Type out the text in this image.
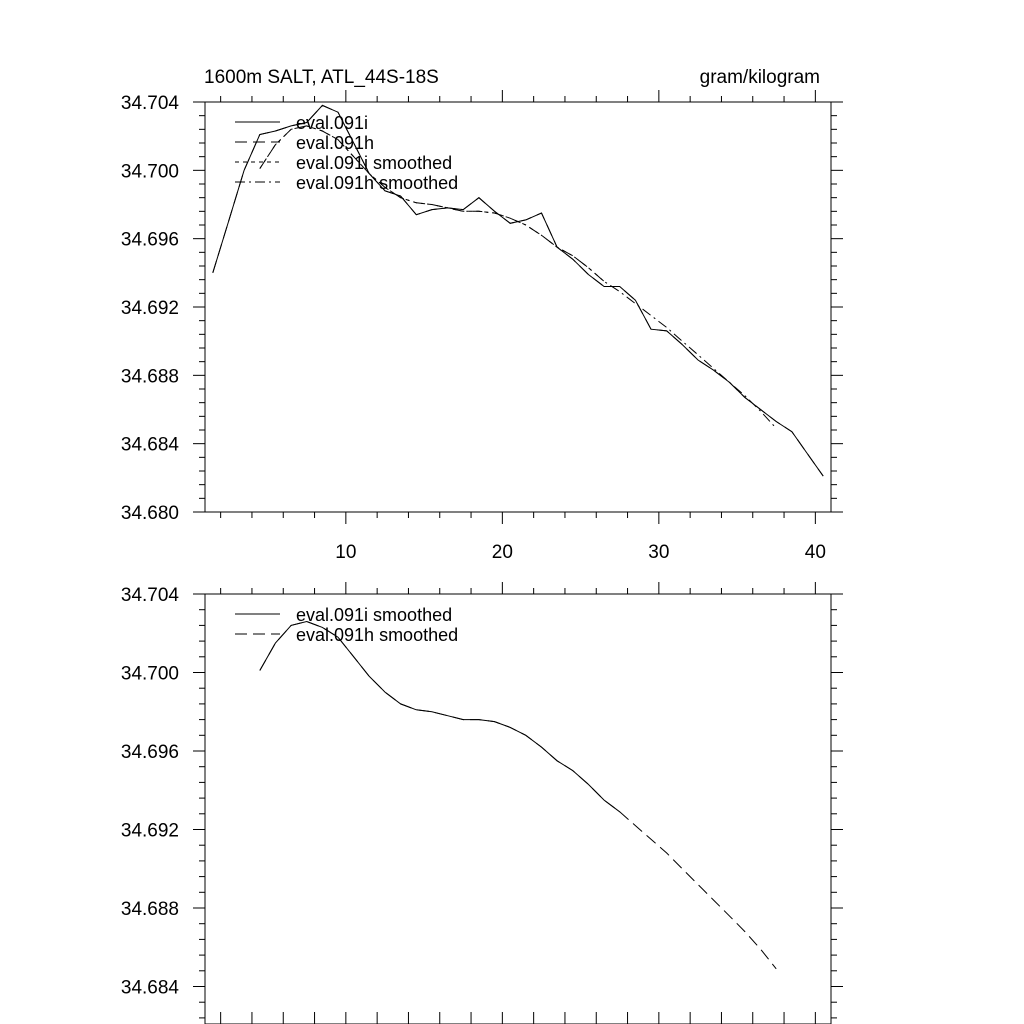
1600m SALT, ATL_44S-18S	gram/kilogram
34.704
34.700
34.696
34.692
34.688
34.684
34.680
10	20	30	40
eval.091i
eval.091h
eval.091i smoothed
eval.091h smoothed
34.704
34.700
34.696
34.692
34.688
34.684
eval.091i smoothed
eval.091h smoothed
